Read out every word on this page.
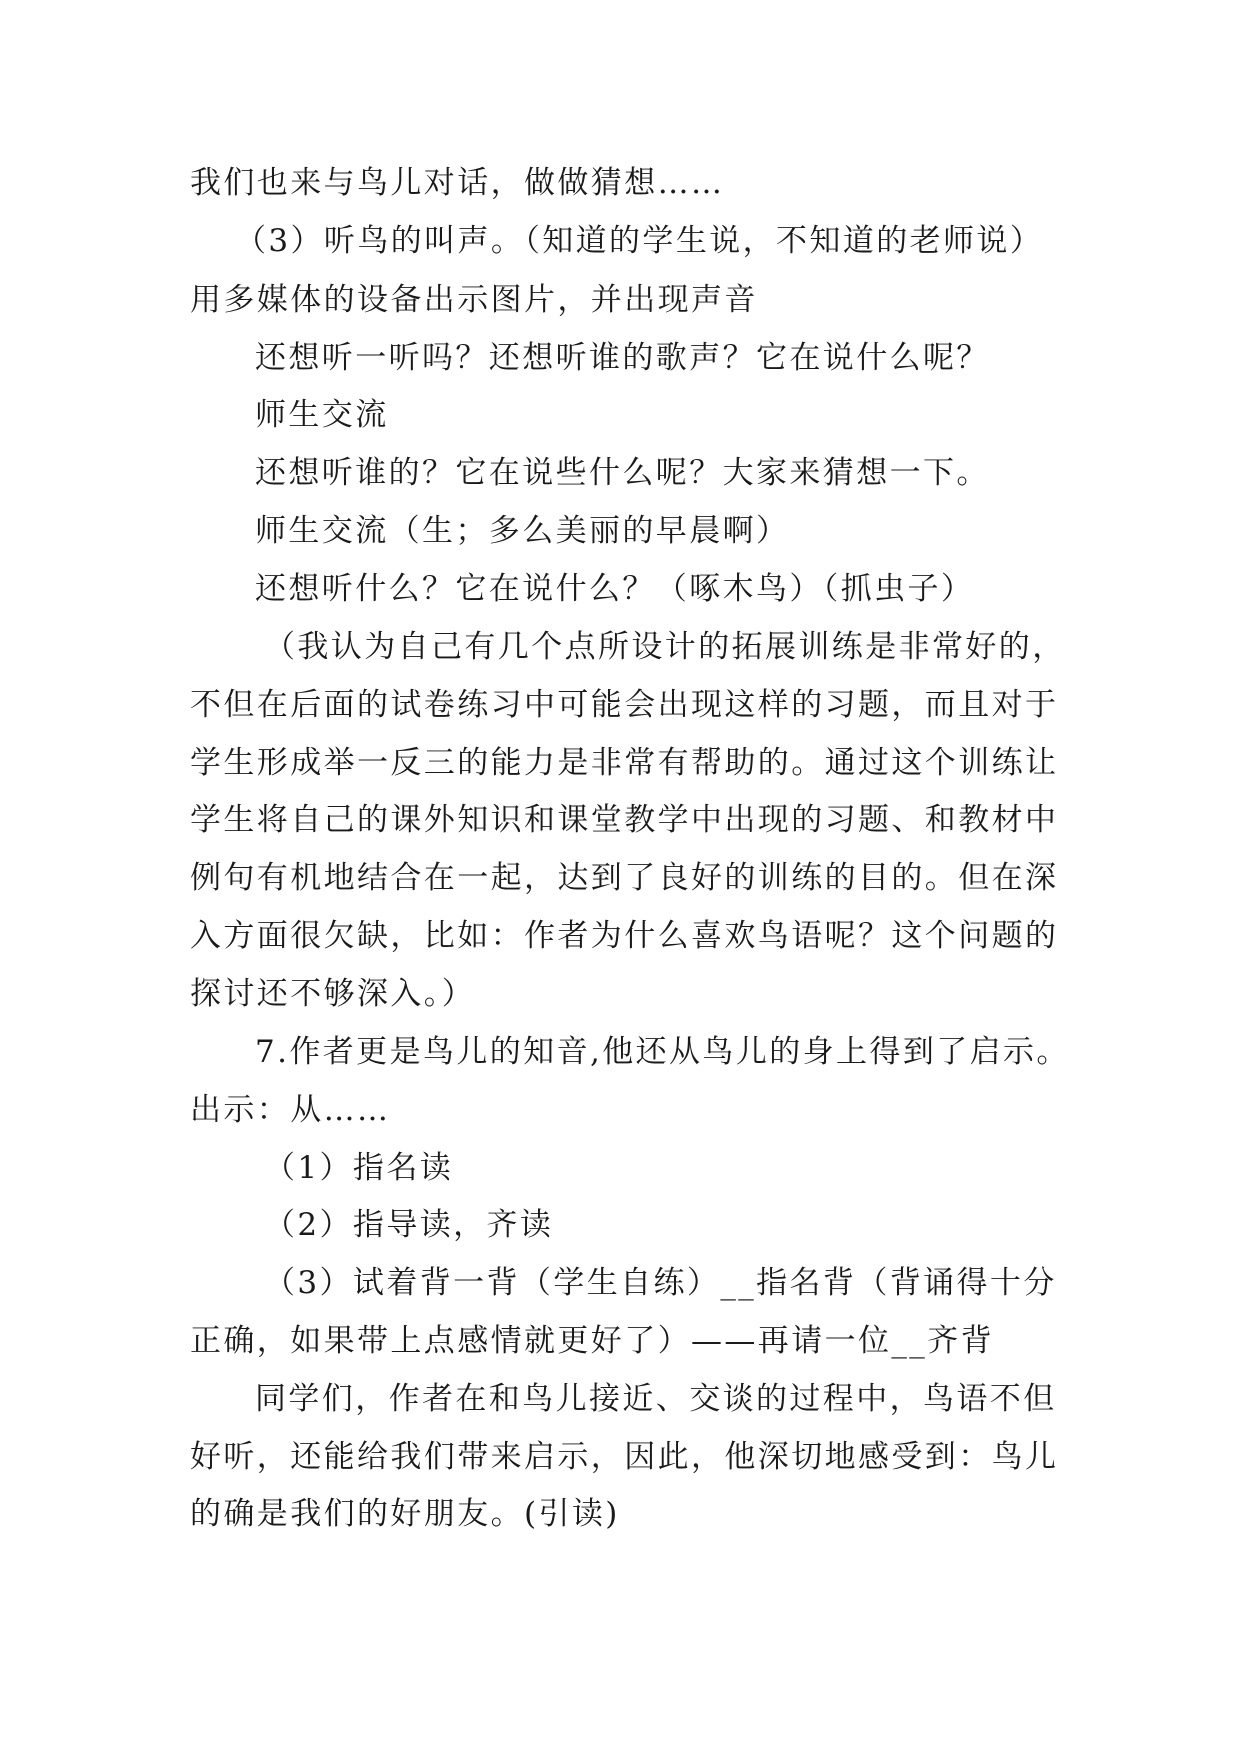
我们也来与鸟儿对话，做做猜想……
（3）听鸟的叫声。（知道的学生说，不知道的老师说）
用多媒体的设备出示图片，并出现声音
还想听一听吗？还想听谁的歌声？它在说什么呢？
师生交流
还想听谁的？它在说些什么呢？大家来猜想一下。
师生交流（生；多么美丽的早晨啊）
还想听什么？它在说什么？（啄木鸟）（抓虫子）
（我认为自己有几个点所设计的拓展训练是非常好的，
不但在后面的试卷练习中可能会出现这样的习题，而且对于
学生形成举一反三的能力是非常有帮助的。通过这个训练让
学生将自己的课外知识和课堂教学中出现的习题、和教材中
例句有机地结合在一起，达到了良好的训练的目的。但在深
入方面很欠缺，比如：作者为什么喜欢鸟语呢？这个问题的
探讨还不够深入。）
7.作者更是鸟儿的知音,他还从鸟儿的身上得到了启示。
出示：从……
（1）指名读
（2）指导读，齐读
（3）试着背一背（学生自练）__指名背（背诵得十分
正确，如果带上点感情就更好了）——再请一位__齐背
同学们，作者在和鸟儿接近、交谈的过程中，鸟语不但
好听，还能给我们带来启示，因此，他深切地感受到：鸟儿
的确是我们的好朋友。(引读)
